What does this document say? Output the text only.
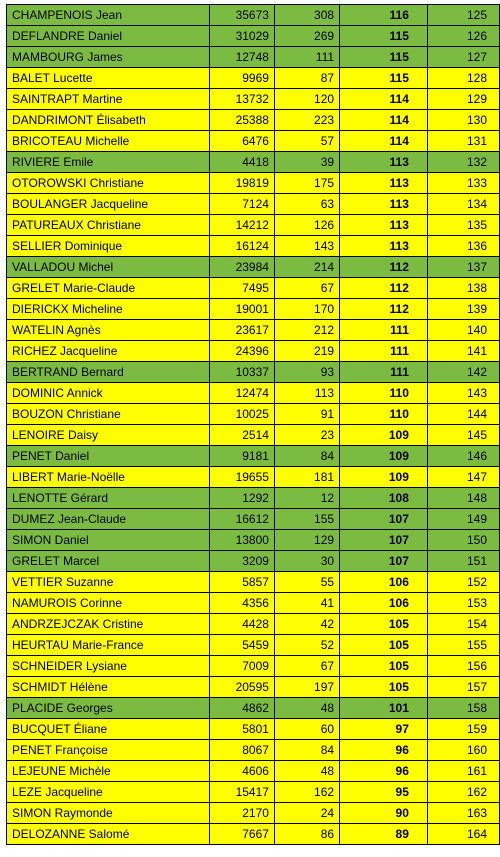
CHAMPENOIS Jean	35673	308	116	125
DEFLANDRE Daniel	31029	269	115	126
MAMBOURG James	12748	111	115	127
BALET Lucette	9969	87	115	128
SAINTRAPT Martine	13732	120	114	129
DANDRIMONT Élisabeth	25388	223	114	130
BRICOTEAU Michelle	6476	57	114	131
RIVIERE Emile	4418	39	113	132
OTOROWSKI Christiane	19819	175	113	133
BOULANGER Jacqueline	7124	63	113	134
PATUREAUX Christiane	14212	126	113	135
SELLIER Dominique	16124	143	113	136
VALLADOU Michel	23984	214	112	137
GRELET Marie-Claude	7495	67	112	138
DIERICKX Micheline	19001	170	112	139
WATELIN Agnès	23617	212	111	140
RICHEZ Jacqueline	24396	219	111	141
BERTRAND Bernard	10337	93	111	142
DOMINIC Annick	12474	113	110	143
BOUZON Christiane	10025	91	110	144
LENOIRE Daisy	2514	23	109	145
PENET Daniel	9181	84	109	146
LIBERT Marie-Noëlle	19655	181	109	147
LENOTTE Gérard	1292	12	108	148
DUMEZ Jean-Claude	16612	155	107	149
SIMON Daniel	13800	129	107	150
GRELET Marcel	3209	30	107	151
VETTIER Suzanne	5857	55	106	152
NAMUROIS Corinne	4356	41	106	153
ANDRZEJCZAK Cristine	4428	42	105	154
HEURTAU Marie-France	5459	52	105	155
SCHNEIDER Lysiane	7009	67	105	156
SCHMIDT Hélène	20595	197	105	157
PLACIDE Georges	4862	48	101	158
BUCQUET Éliane	5801	60	97	159
PENET Françoise	8067	84	96	160
LEJEUNE Michèle	4606	48	96	161
LEZE Jacqueline	15417	162	95	162
SIMON Raymonde	2170	24	90	163
DELOZANNE Salomé	7667	86	89	164
